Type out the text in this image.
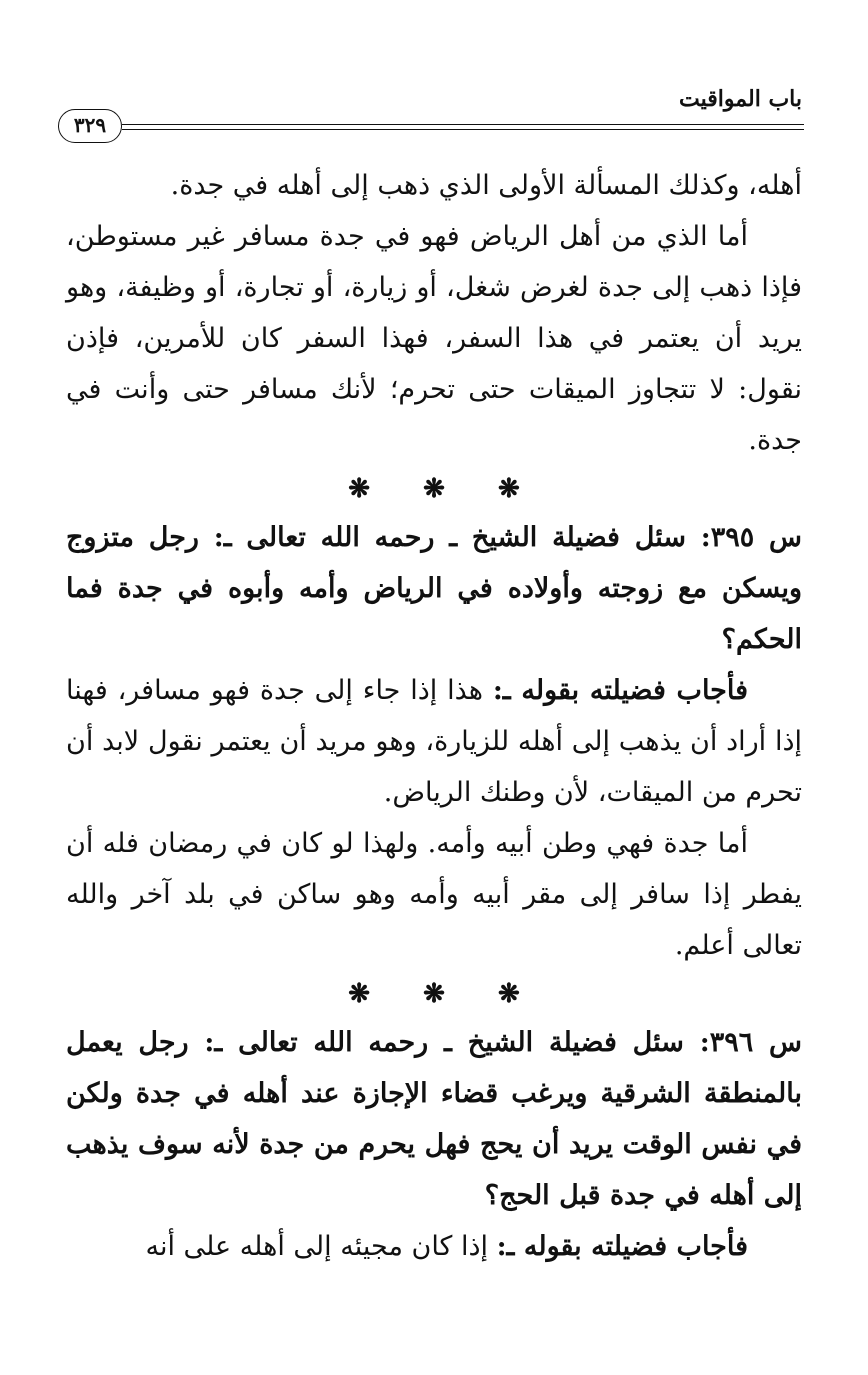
باب المواقيت
٣٢٩

أهله، وكذلك المسألة الأولى الذي ذهب إلى أهله في جدة.

أما الذي من أهل الرياض فهو في جدة مسافر غير مستوطن، فإذا ذهب إلى جدة لغرض شغل، أو زيارة، أو تجارة، أو وظيفة، وهو يريد أن يعتمر في هذا السفر، فهذا السفر كان للأمرين، فإذن نقول: لا تتجاوز الميقات حتى تحرم؛ لأنك مسافر حتى وأنت في جدة.

❋ ❋ ❋

س ٣٩٥: سئل فضيلة الشيخ ـ رحمه الله تعالى ـ: رجل متزوج ويسكن مع زوجته وأولاده في الرياض وأمه وأبوه في جدة فما الحكم؟

فأجاب فضيلته بقوله ـ: هذا إذا جاء إلى جدة فهو مسافر، فهنا إذا أراد أن يذهب إلى أهله للزيارة، وهو مريد أن يعتمر نقول لابد أن تحرم من الميقات، لأن وطنك الرياض.

أما جدة فهي وطن أبيه وأمه. ولهذا لو كان في رمضان فله أن يفطر إذا سافر إلى مقر أبيه وأمه وهو ساكن في بلد آخر والله تعالى أعلم.

❋ ❋ ❋

س ٣٩٦: سئل فضيلة الشيخ ـ رحمه الله تعالى ـ: رجل يعمل بالمنطقة الشرقية ويرغب قضاء الإجازة عند أهله في جدة ولكن في نفس الوقت يريد أن يحج فهل يحرم من جدة لأنه سوف يذهب إلى أهله في جدة قبل الحج؟

فأجاب فضيلته بقوله ـ: إذا كان مجيئه إلى أهله على أنه
